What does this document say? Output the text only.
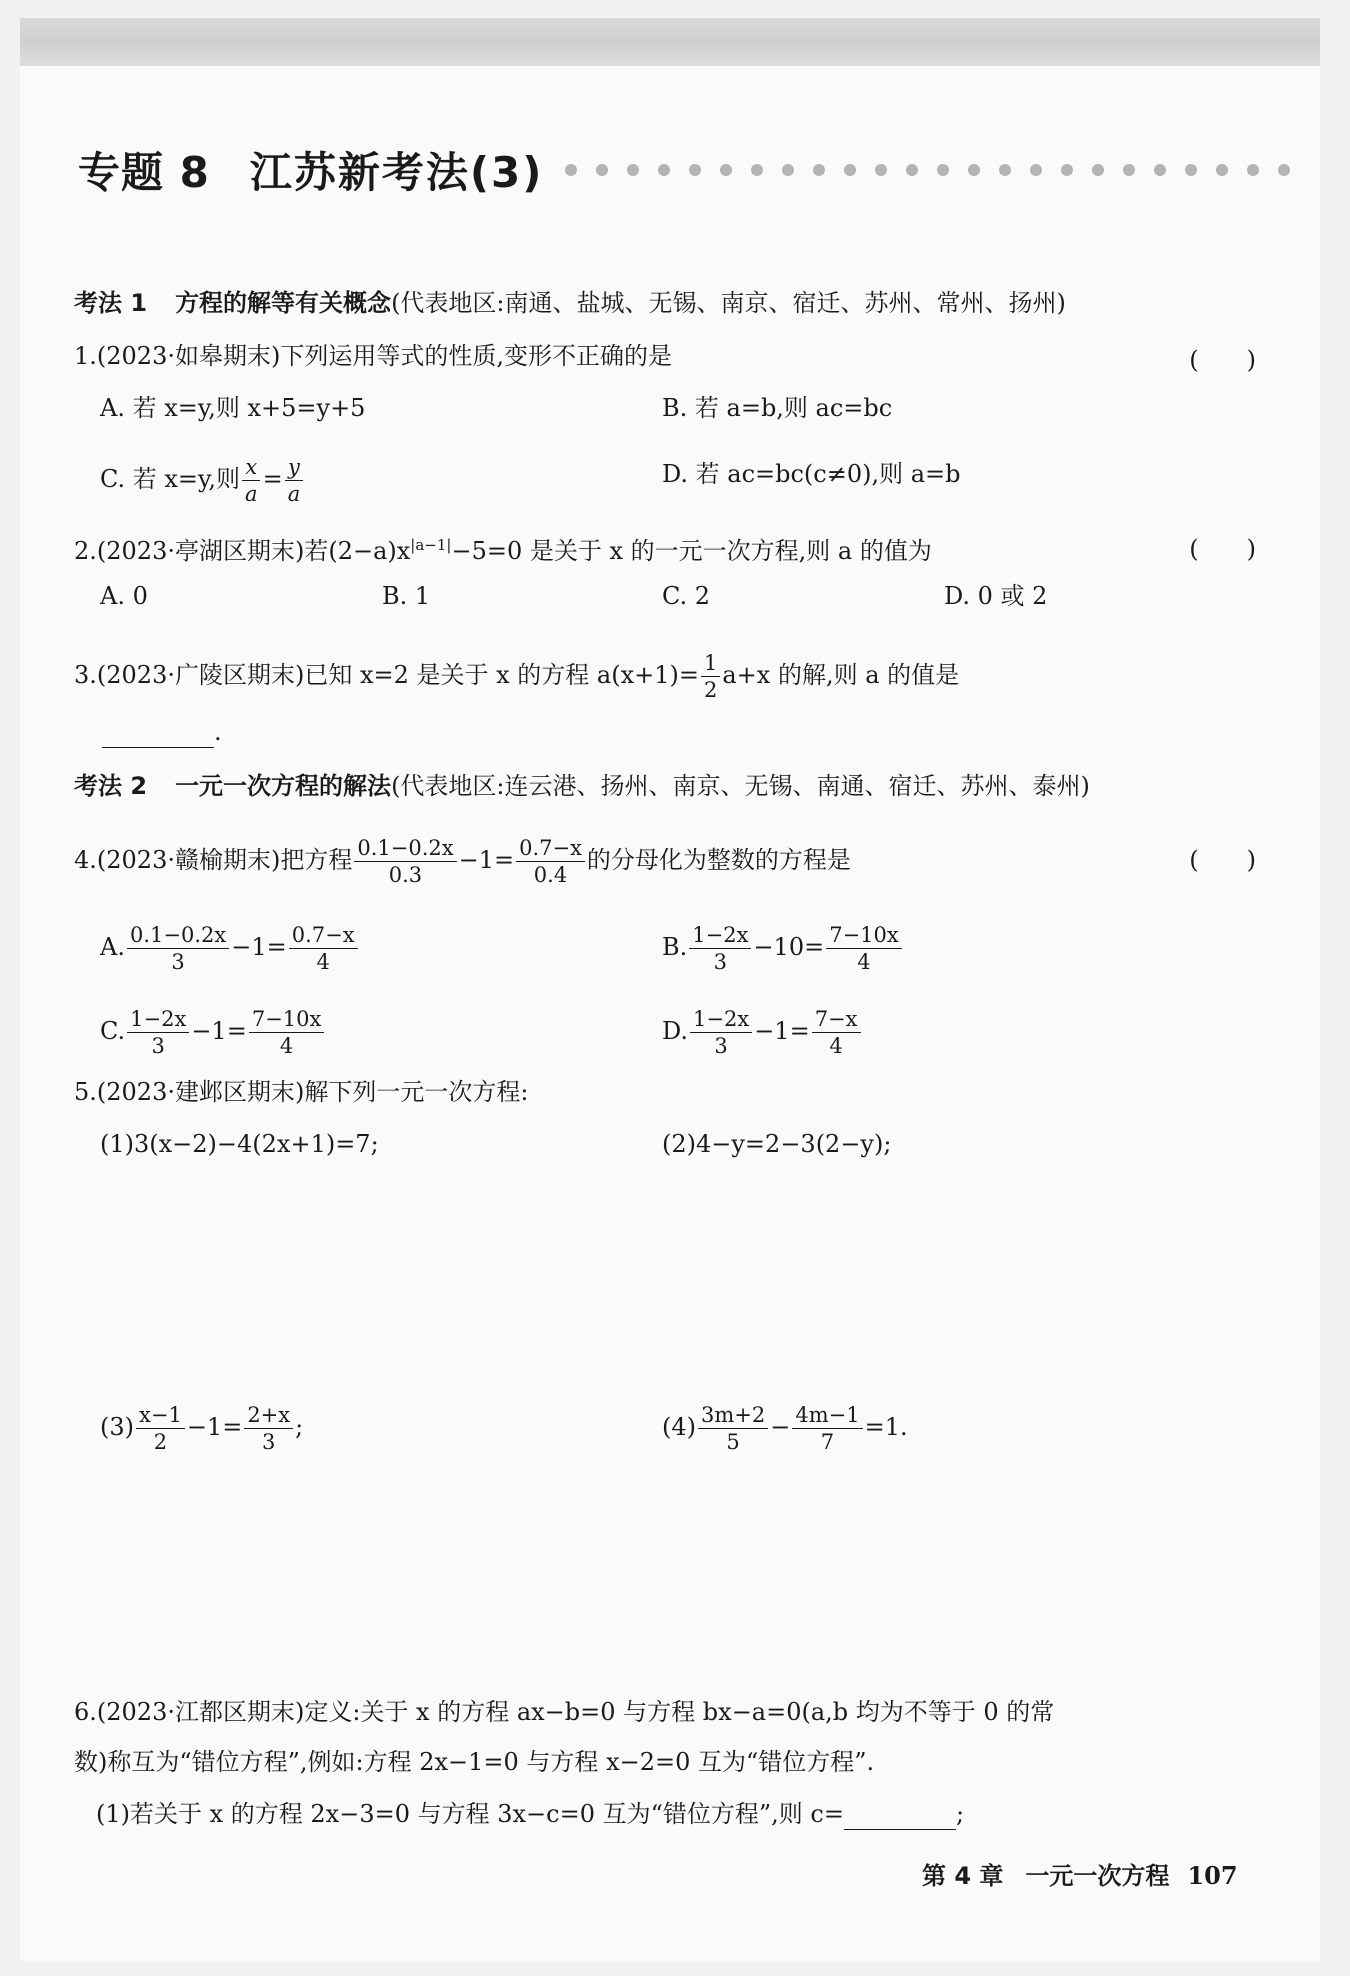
专题 8 江苏新考法(3)
考法 1 方程的解等有关概念(代表地区:南通、盐城、无锡、南京、宿迁、苏州、常州、扬州)
1.(2023·如皋期末)下列运用等式的性质,变形不正确的是	(　　)
A. 若 x=y,则 x+5=y+5	B. 若 a=b,则 ac=bc
C. 若 x=y,则 $\frac{x}{a} = \frac{y}{a}$	D. 若 ac=bc(c≠0),则 a=b
2.(2023·亭湖区期末)若$(2-a)x^{|a-1|}-5=0$ 是关于 x 的一元一次方程,则 a 的值为	(　　)
A. 0	B. 1	C. 2	D. 0 或 2
3.(2023·广陵区期末)已知 x=2 是关于 x 的方程 $a(x+1)= \frac{1}{2} a+x$ 的解,则 a 的值是
.
考法 2 一元一次方程的解法(代表地区:连云港、扬州、南京、无锡、南通、宿迁、苏州、泰州)
4.(2023·赣榆期末)把方程 $\frac{0.1-0.2x}{0.3} -1= \frac{0.7-x}{0.4}$ 的分母化为整数的方程是	(　　)
A. $\frac{0.1-0.2x}{3} -1= \frac{0.7-x}{4}$	B. $\frac{1-2x}{3} -10= \frac{7-10x}{4}$
C. $\frac{1-2x}{3} -1= \frac{7-10x}{4}$	D. $\frac{1-2x}{3} -1= \frac{7-x}{4}$
5.(2023·建邺区期末)解下列一元一次方程:
(1)3(x−2)−4(2x+1)=7;	(2)4−y=2−3(2−y);
$(3) \frac{x-1}{2} -1= \frac{2+x}{3}$ ;	$(4) \frac{3m+2}{5} - \frac{4m-1}{7} =1$.
6.(2023·江都区期末)定义:关于 x 的方程 ax−b=0 与方程 bx−a=0(a,b 均为不等于 0 的常
数)称互为“错位方程”,例如:方程 2x−1=0 与方程 x−2=0 互为“错位方程”.
(1)若关于 x 的方程 2x−3=0 与方程 3x−c=0 互为“错位方程”,则 c=	;
第 4 章 一元一次方程 107
